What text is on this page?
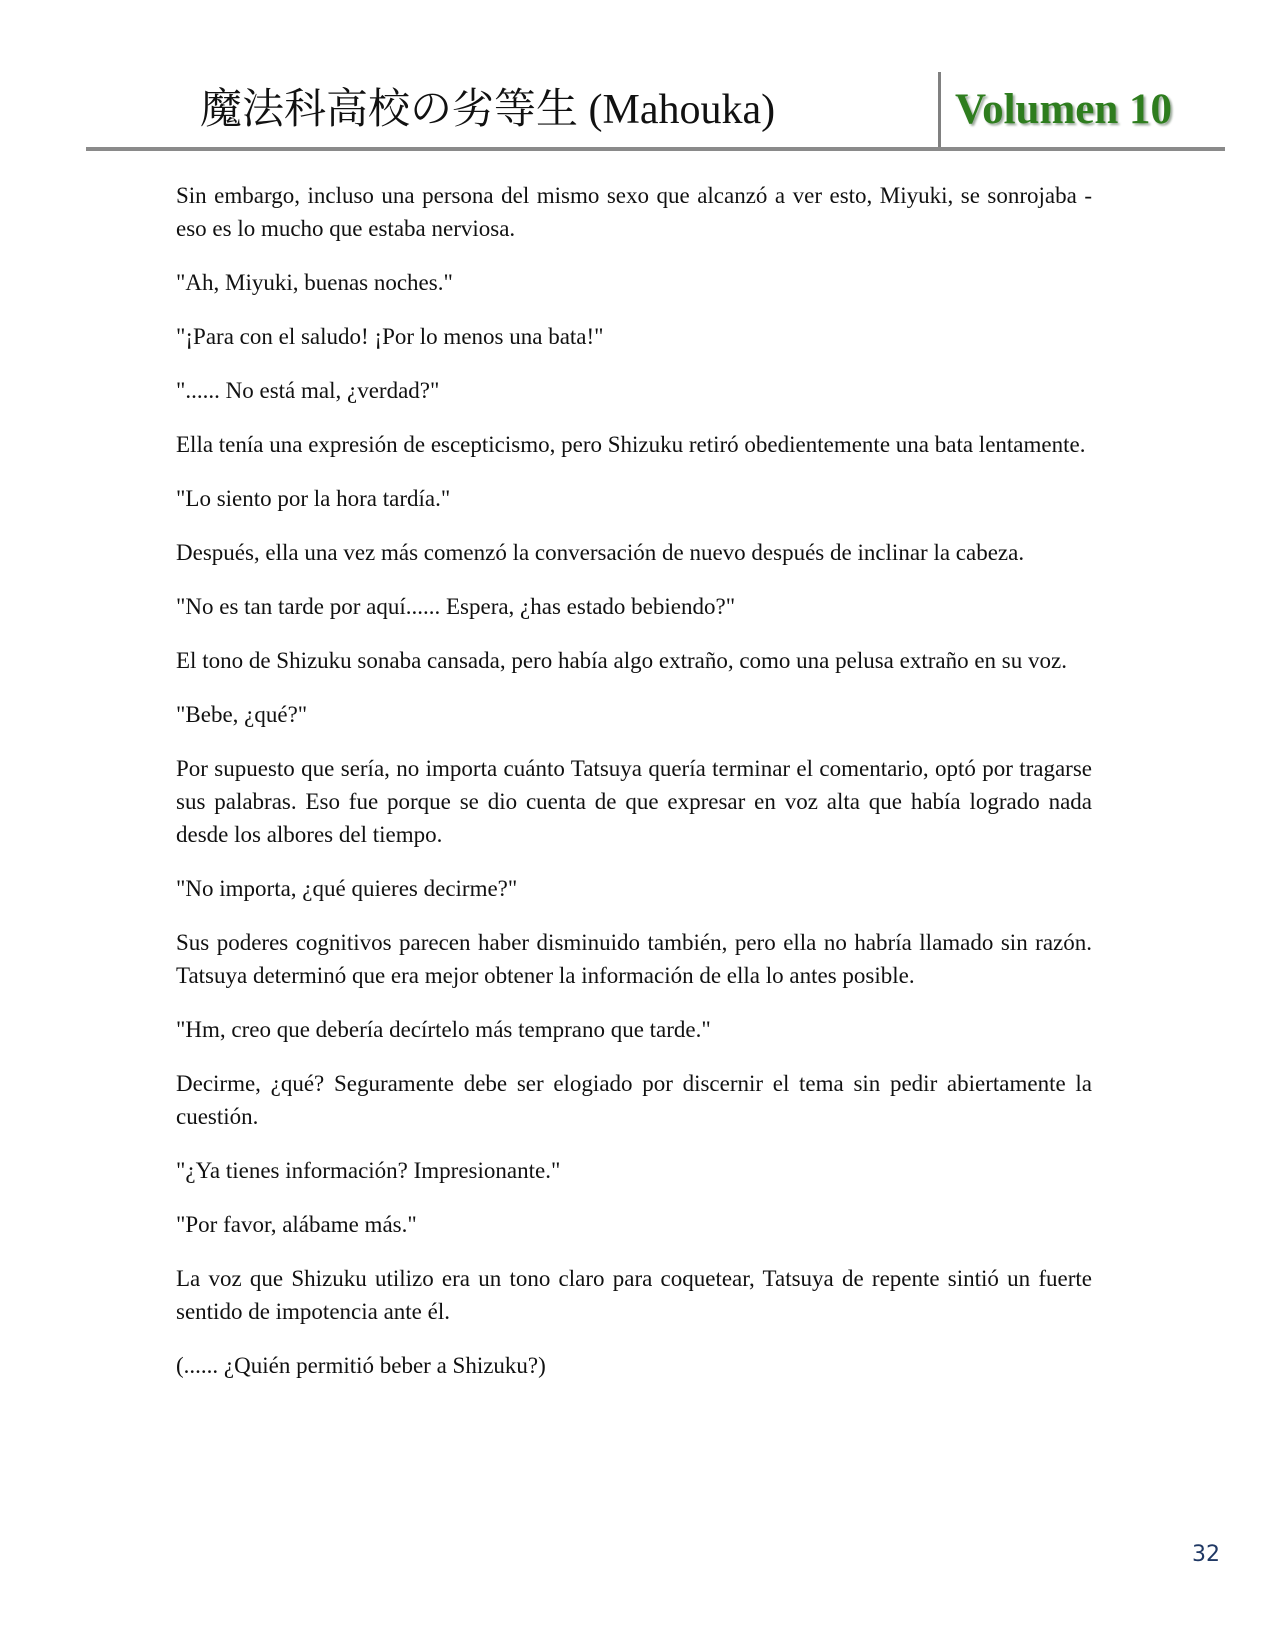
魔法科高校の劣等生 (Mahouka)	Volumen 10

Sin embargo, incluso una persona del mismo sexo que alcanzó a ver esto, Miyuki, se sonrojaba - eso es lo mucho que estaba nerviosa.

"Ah, Miyuki, buenas noches."

"¡Para con el saludo! ¡Por lo menos una bata!"

"...... No está mal, ¿verdad?"

Ella tenía una expresión de escepticismo, pero Shizuku retiró obedientemente una bata lentamente.

"Lo siento por la hora tardía."

Después, ella una vez más comenzó la conversación de nuevo después de inclinar la cabeza.

"No es tan tarde por aquí...... Espera, ¿has estado bebiendo?"

El tono de Shizuku sonaba cansada, pero había algo extraño, como una pelusa extraño en su voz.

"Bebe, ¿qué?"

Por supuesto que sería, no importa cuánto Tatsuya quería terminar el comentario, optó por tragarse sus palabras. Eso fue porque se dio cuenta de que expresar en voz alta que había logrado nada desde los albores del tiempo.

"No importa, ¿qué quieres decirme?"

Sus poderes cognitivos parecen haber disminuido también, pero ella no habría llamado sin razón. Tatsuya determinó que era mejor obtener la información de ella lo antes posible.

"Hm, creo que debería decírtelo más temprano que tarde."

Decirme, ¿qué? Seguramente debe ser elogiado por discernir el tema sin pedir abiertamente la cuestión.

"¿Ya tienes información? Impresionante."

"Por favor, alábame más."

La voz que Shizuku utilizo era un tono claro para coquetear, Tatsuya de repente sintió un fuerte sentido de impotencia ante él.

(...... ¿Quién permitió beber a Shizuku?)

32
